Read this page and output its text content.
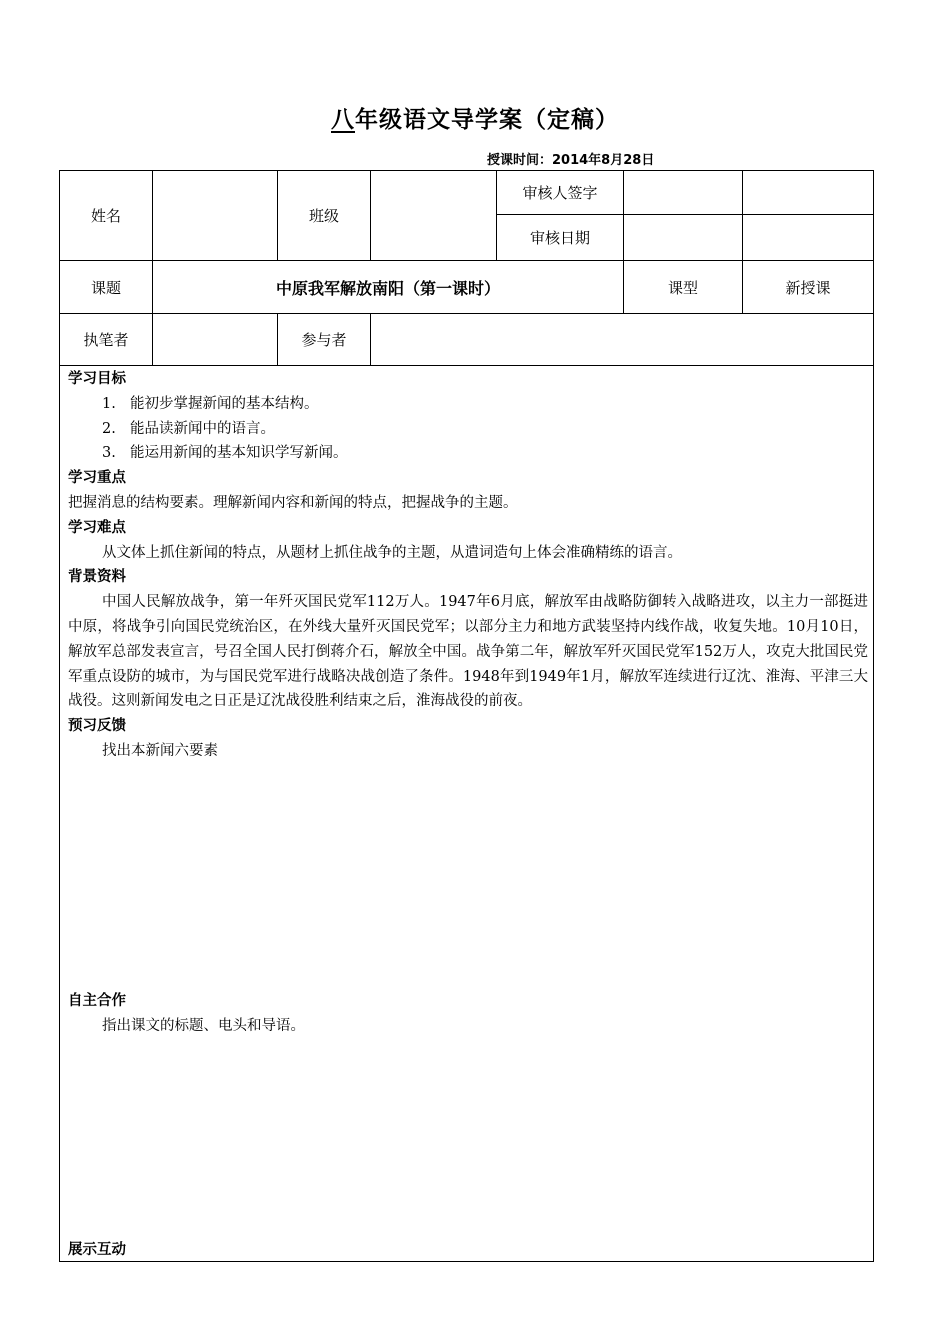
八年级语文导学案（定稿）
授课时间：2014年8月28日
姓名	班级
审核人签字
审核日期
课题	中原我军解放南阳（第一课时）	课型	新授课
执笔者	参与者
学习目标
1. 能初步掌握新闻的基本结构。
2. 能品读新闻中的语言。
3. 能运用新闻的基本知识学写新闻。
学习重点
把握消息的结构要素。理解新闻内容和新闻的特点，把握战争的主题。
学习难点
从文体上抓住新闻的特点，从题材上抓住战争的主题，从遣词造句上体会准确精练的语言。
背景资料
中国人民解放战争，第一年歼灭国民党军112万人。1947年6月底，解放军由战略防御转入战略进攻，以主力一部挺进中原，将战争引向国民党统治区，在外线大量歼灭国民党军；以部分主力和地方武装坚持内线作战，收复失地。10月10日，解放军总部发表宣言，号召全国人民打倒蒋介石，解放全中国。战争第二年，解放军歼灭国民党军152万人，攻克大批国民党军重点设防的城市，为与国民党军进行战略决战创造了条件。1948年到1949年1月，解放军连续进行辽沈、淮海、平津三大战役。这则新闻发电之日正是辽沈战役胜利结束之后，淮海战役的前夜。
预习反馈
找出本新闻六要素
自主合作
指出课文的标题、电头和导语。
展示互动
